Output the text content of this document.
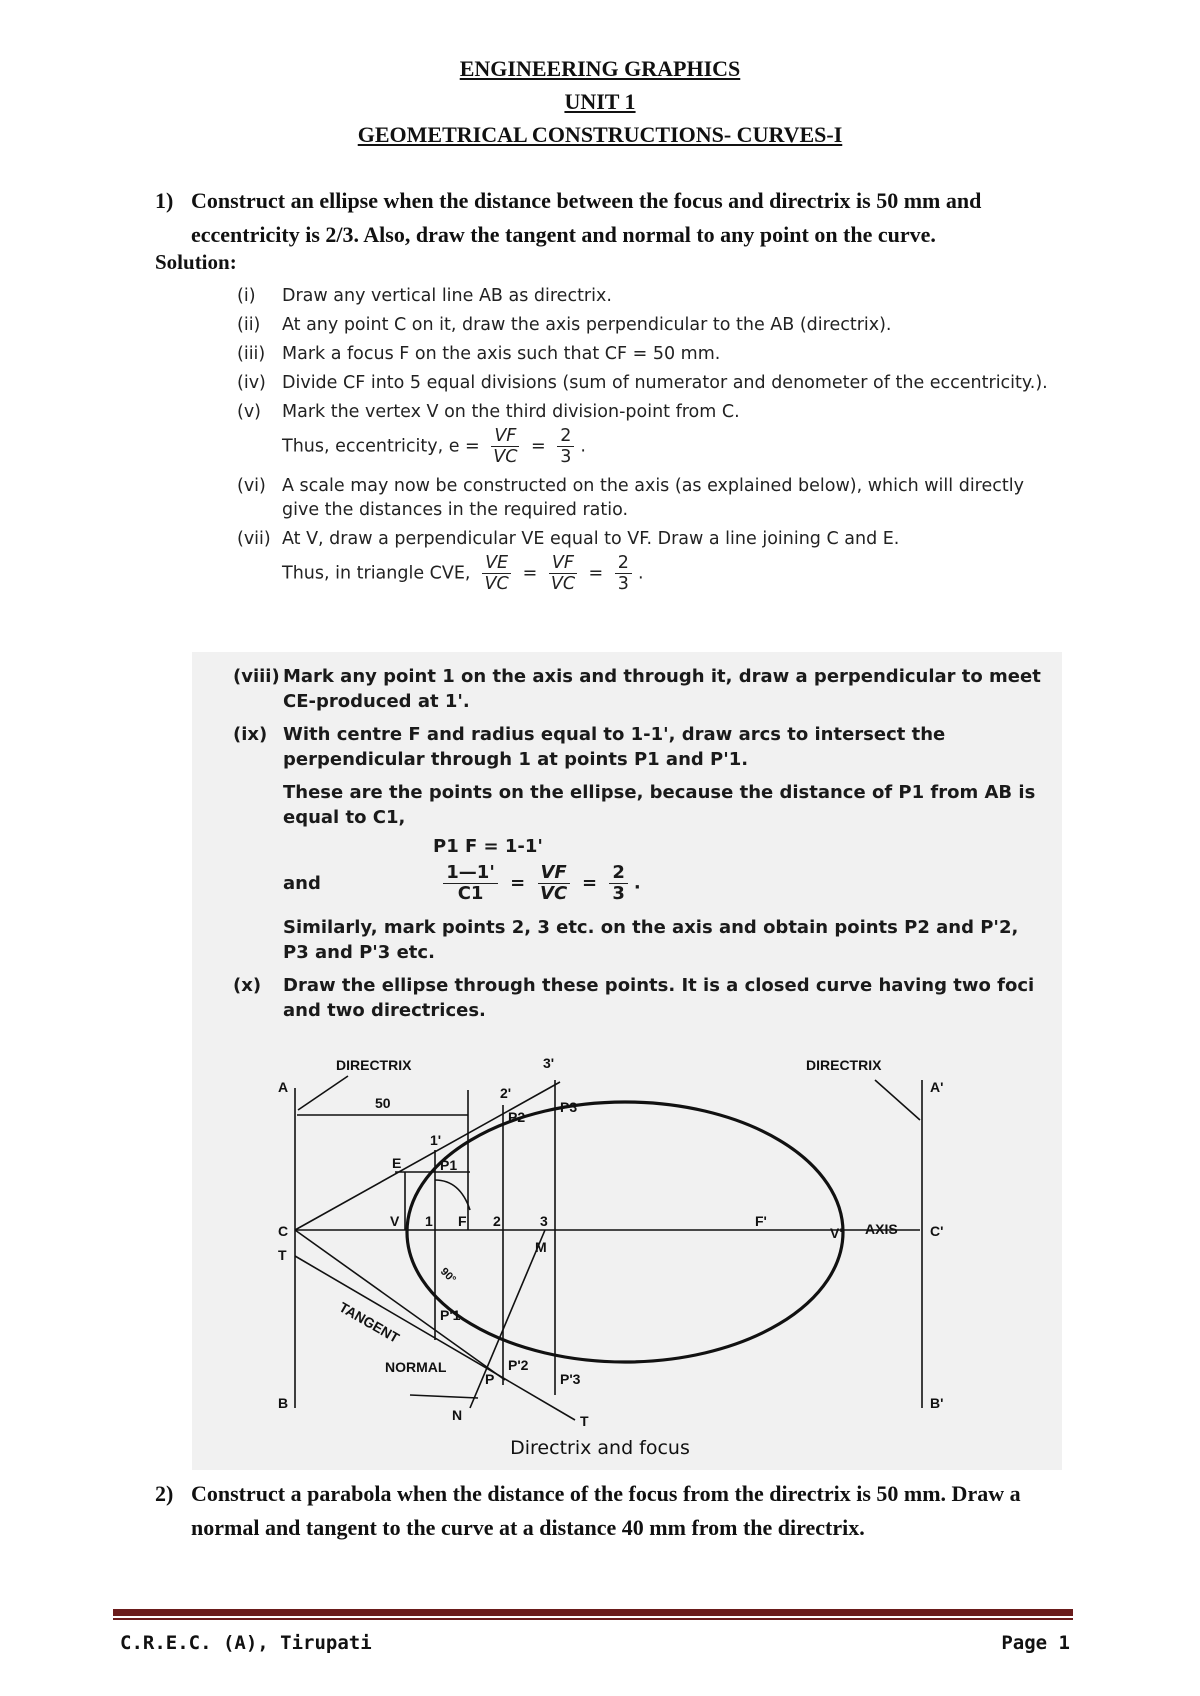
ENGINEERING GRAPHICS
UNIT 1
GEOMETRICAL CONSTRUCTIONS- CURVES-I
1) Construct an ellipse when the distance between the focus and directrix is 50 mm and eccentricity is 2/3. Also, draw the tangent and normal to any point on the curve.
Solution:
(i) Draw any vertical line AB as directrix.
(ii) At any point C on it, draw the axis perpendicular to the AB (directrix).
(iii) Mark a focus F on the axis such that CF = 50 mm.
(iv) Divide CF into 5 equal divisions (sum of numerator and denometer of the eccentricity.).
(v) Mark the vertex V on the third division-point from C.
Thus, eccentricity, $e = \frac{VF}{VC} = \frac{2}{3}$ .
(vi) A scale may now be constructed on the axis (as explained below), which will directly give the distances in the required ratio.
(vii) At V, draw a perpendicular VE equal to VF. Draw a line joining C and E.
Thus, in triangle CVE, $\frac{VE}{VC} = \frac{VF}{VC} = \frac{2}{3}$ .
(viii) Mark any point 1 on the axis and through it, draw a perpendicular to meet CE-produced at 1'.
(ix) With centre F and radius equal to 1-1', draw arcs to intersect the perpendicular through 1 at points P1 and P'1.
These are the points on the ellipse, because the distance of P1 from AB is equal to C1,
P1 F = 1-1'
and	$\frac{1—1'}{C1} = \frac{VF}{VC} = \frac{2}{3}$ .
Similarly, mark points 2, 3 etc. on the axis and obtain points P2 and P'2, P3 and P'3 etc.
(x) Draw the ellipse through these points. It is a closed curve having two foci and two directrices.
DIRECTRIX	DIRECTRIX
A
B
C
T
A'
B'
C'
50
E
V 1 F 2	3
M
F'
V' AXIS
1'
2'
3'
P1
P2
P3
P'1
P'2
P'3
P
N	T
TANGENT
NORMAL
90°
Directrix and focus
2) Construct a parabola when the distance of the focus from the directrix is 50 mm. Draw a normal and tangent to the curve at a distance 40 mm from the directrix.
C.R.E.C. (A), Tirupati	Page 1
